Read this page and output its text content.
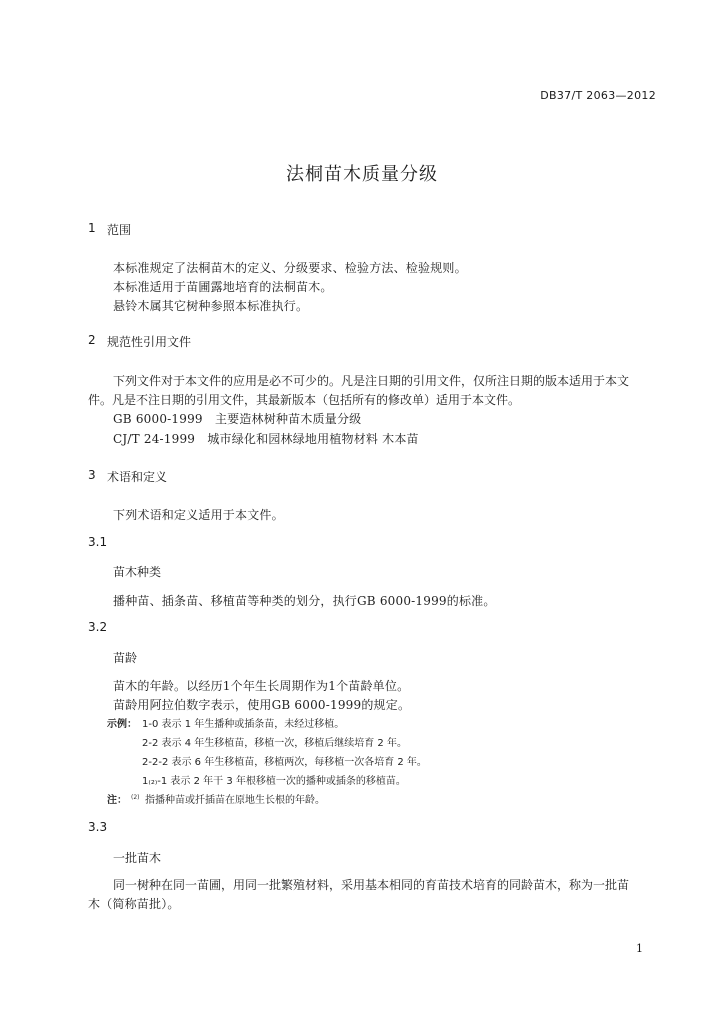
DB37/T 2063—2012
法桐苗木质量分级
1 范围
本标准规定了法桐苗木的定义、分级要求、检验方法、检验规则。
本标准适用于苗圃露地培育的法桐苗木。
悬铃木属其它树种参照本标准执行。
2 规范性引用文件
下列文件对于本文件的应用是必不可少的。凡是注日期的引用文件，仅所注日期的版本适用于本文
件。凡是不注日期的引用文件，其最新版本（包括所有的修改单）适用于本文件。
GB 6000-1999　主要造林树种苗木质量分级
CJ/T 24-1999　城市绿化和园林绿地用植物材料 木本苗
3 术语和定义
下列术语和定义适用于本文件。
3.1
苗木种类
播种苗、插条苗、移植苗等种类的划分，执行GB 6000-1999的标准。
3.2
苗龄
苗木的年龄。以经历1个年生长周期作为1个苗龄单位。
苗龄用阿拉伯数字表示，使用GB 6000-1999的规定。
示例： 1-0 表示 1 年生播种或插条苗，未经过移植。
2-2 表示 4 年生移植苗，移植一次，移植后继续培育 2 年。
2-2-2 表示 6 年生移植苗，移植两次，每移植一次各培育 2 年。
1₍₂₎-1 表示 2 年干 3 年根移植一次的播种或插条的移植苗。
注： (2) 指播种苗或扦插苗在原地生长根的年龄。
3.3
一批苗木
同一树种在同一苗圃，用同一批繁殖材料，采用基本相同的育苗技术培育的同龄苗木，称为一批苗
木（简称苗批）。
1
